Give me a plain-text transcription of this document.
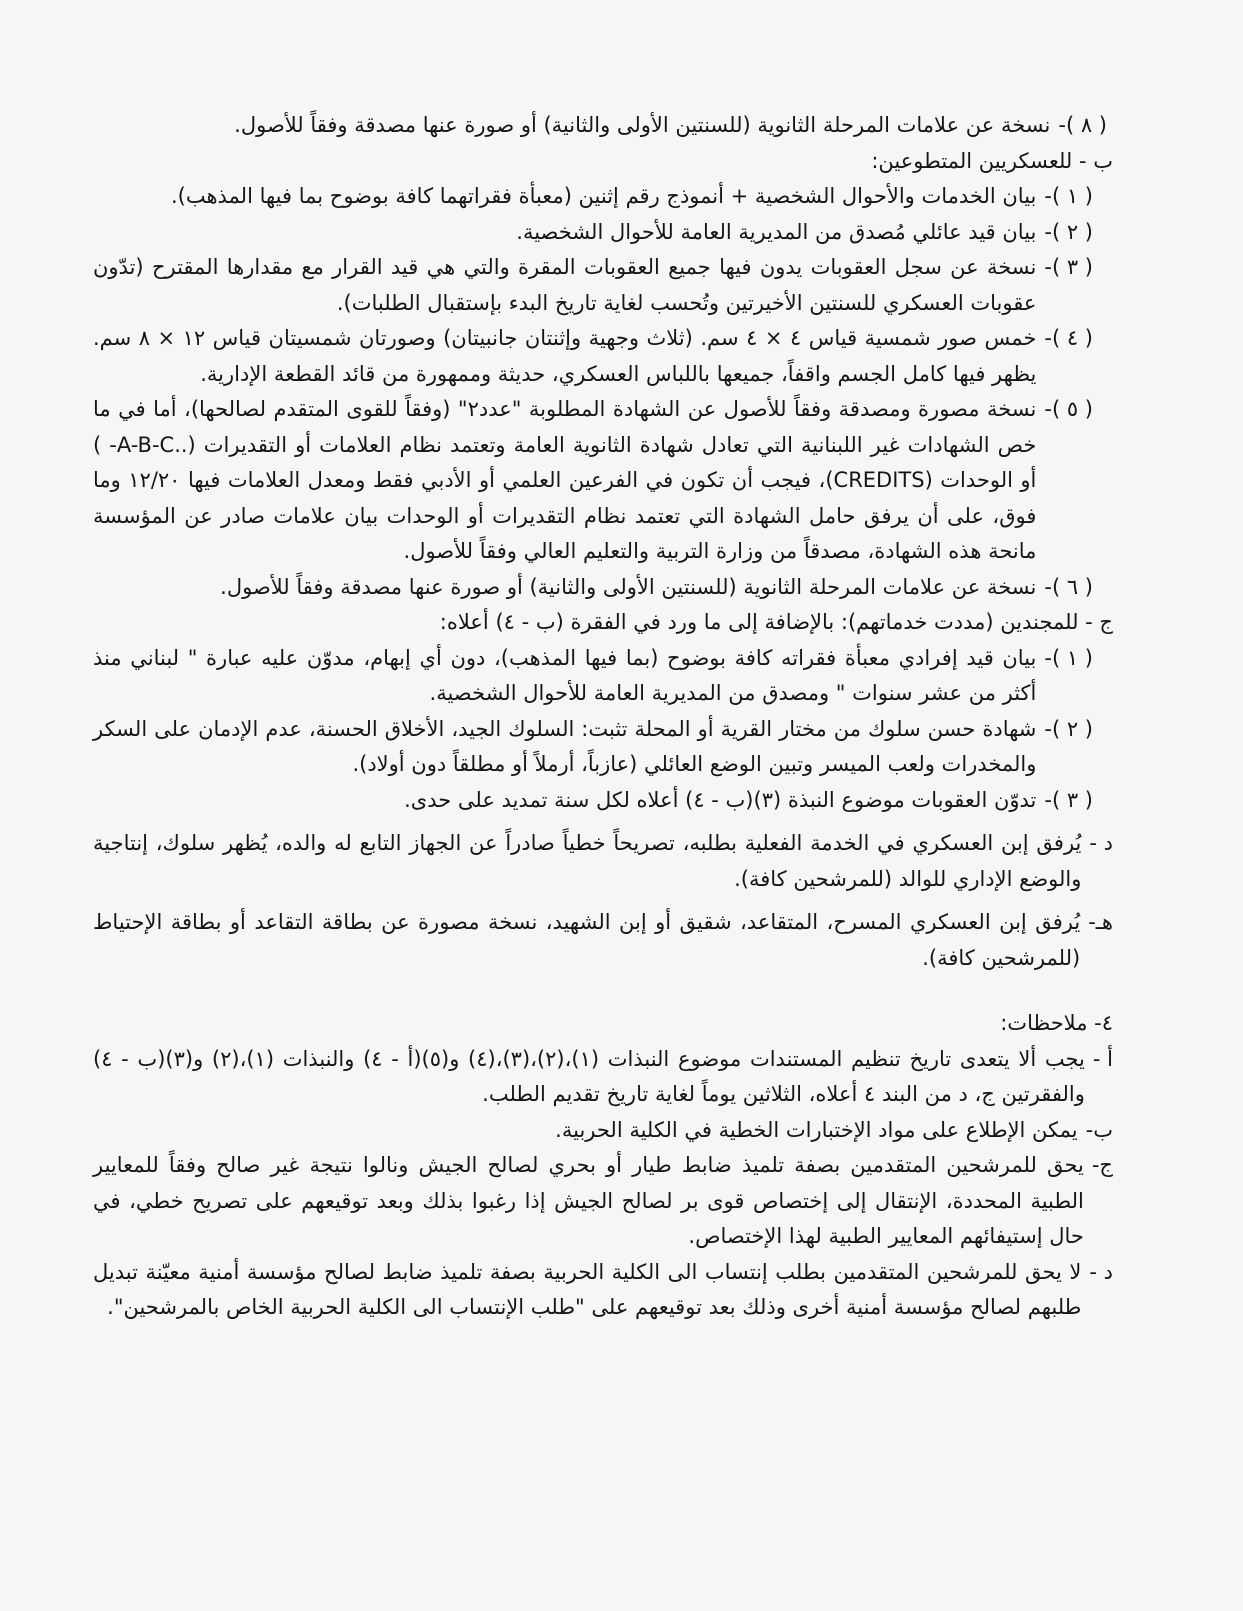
( ٨ )-
نسخة عن علامات المرحلة الثانوية (للسنتين الأولى والثانية) أو صورة عنها مصدقة وفقاً للأصول.
ب - للعسكريين المتطوعين:
( ١ )-
بيان الخدمات والأحوال الشخصية + أنموذج رقم إثنين (معبأة فقراتهما كافة بوضوح بما فيها المذهب).
( ٢ )-
بيان قيد عائلي مُصدق من المديرية العامة للأحوال الشخصية.
( ٣ )-
نسخة عن سجل العقوبات يدون فيها جميع العقوبات المقرة والتي هي قيد القرار مع مقدارها المقترح (تدّون عقوبات العسكري للسنتين الأخيرتين وتُحسب لغاية تاريخ البدء بإستقبال الطلبات).
( ٤ )-
خمس صور شمسية قياس ٤ × ٤ سم. (ثلاث وجهية وإثنتان جانبيتان) وصورتان شمسيتان قياس ١٢ × ٨ سم. يظهر فيها كامل الجسم واقفاً، جميعها باللباس العسكري، حديثة وممهورة من قائد القطعة الإدارية.
( ٥ )-
نسخة مصورة ومصدقة وفقاً للأصول عن الشهادة المطلوبة "عدد٢" (وفقاً للقوى المتقدم لصالحها)، أما في ما خص الشهادات غير اللبنانية التي تعادل شهادة الثانوية العامة وتعتمد نظام العلامات أو التقديرات (..A-B-C- ) أو الوحدات (CREDITS)، فيجب أن تكون في الفرعين العلمي أو الأدبي فقط ومعدل العلامات فيها ١٢/٢٠ وما فوق، على أن يرفق حامل الشهادة التي تعتمد نظام التقديرات أو الوحدات بيان علامات صادر عن المؤسسة مانحة هذه الشهادة، مصدقاً من وزارة التربية والتعليم العالي وفقاً للأصول.
( ٦ )-
نسخة عن علامات المرحلة الثانوية (للسنتين الأولى والثانية) أو صورة عنها مصدقة وفقاً للأصول.
ج - للمجندين (مددت خدماتهم): بالإضافة إلى ما ورد في الفقرة (ب - ٤) أعلاه:
( ١ )-
بيان قيد إفرادي معبأة فقراته كافة بوضوح (بما فيها المذهب)، دون أي إبهام، مدوّن عليه عبارة " لبناني منذ أكثر من عشر سنوات " ومصدق من المديرية العامة للأحوال الشخصية.
( ٢ )-
شهادة حسن سلوك من مختار القرية أو المحلة تثبت: السلوك الجيد، الأخلاق الحسنة، عدم الإدمان على السكر والمخدرات ولعب الميسر وتبين الوضع العائلي (عازباً، أرملاً أو مطلقاً دون أولاد).
( ٣ )-
تدوّن العقوبات موضوع النبذة (٣)(ب - ٤) أعلاه لكل سنة تمديد على حدى.
د -
يُرفق إبن العسكري في الخدمة الفعلية بطلبه، تصريحاً خطياً صادراً عن الجهاز التابع له والده، يُظهر سلوك، إنتاجية والوضع الإداري للوالد (للمرشحين كافة).
هـ-
يُرفق إبن العسكري المسرح، المتقاعد، شقيق أو إبن الشهيد، نسخة مصورة عن بطاقة التقاعد أو بطاقة الإحتياط (للمرشحين كافة).
٤- ملاحظات:
أ -
يجب ألا يتعدى تاريخ تنظيم المستندات موضوع النبذات (١)،(٢)،(٣)،(٤) و(٥)(أ - ٤) والنبذات (١)،(٢) و(٣)(ب - ٤) والفقرتين ج، د من البند ٤ أعلاه، الثلاثين يوماً لغاية تاريخ تقديم الطلب.
ب-
يمكن الإطلاع على مواد الإختبارات الخطية في الكلية الحربية.
ج-
يحق للمرشحين المتقدمين بصفة تلميذ ضابط طيار أو بحري لصالح الجيش ونالوا نتيجة غير صالح وفقاً للمعايير الطبية المحددة، الإنتقال إلى إختصاص قوى بر لصالح الجيش إذا رغبوا بذلك وبعد توقيعهم على تصريح خطي، في حال إستيفائهم المعايير الطبية لهذا الإختصاص.
د -
لا يحق للمرشحين المتقدمين بطلب إنتساب الى الكلية الحربية بصفة تلميذ ضابط لصالح مؤسسة أمنية معيّنة تبديل طلبهم لصالح مؤسسة أمنية أخرى وذلك بعد توقيعهم على "طلب الإنتساب الى الكلية الحربية الخاص بالمرشحين".
